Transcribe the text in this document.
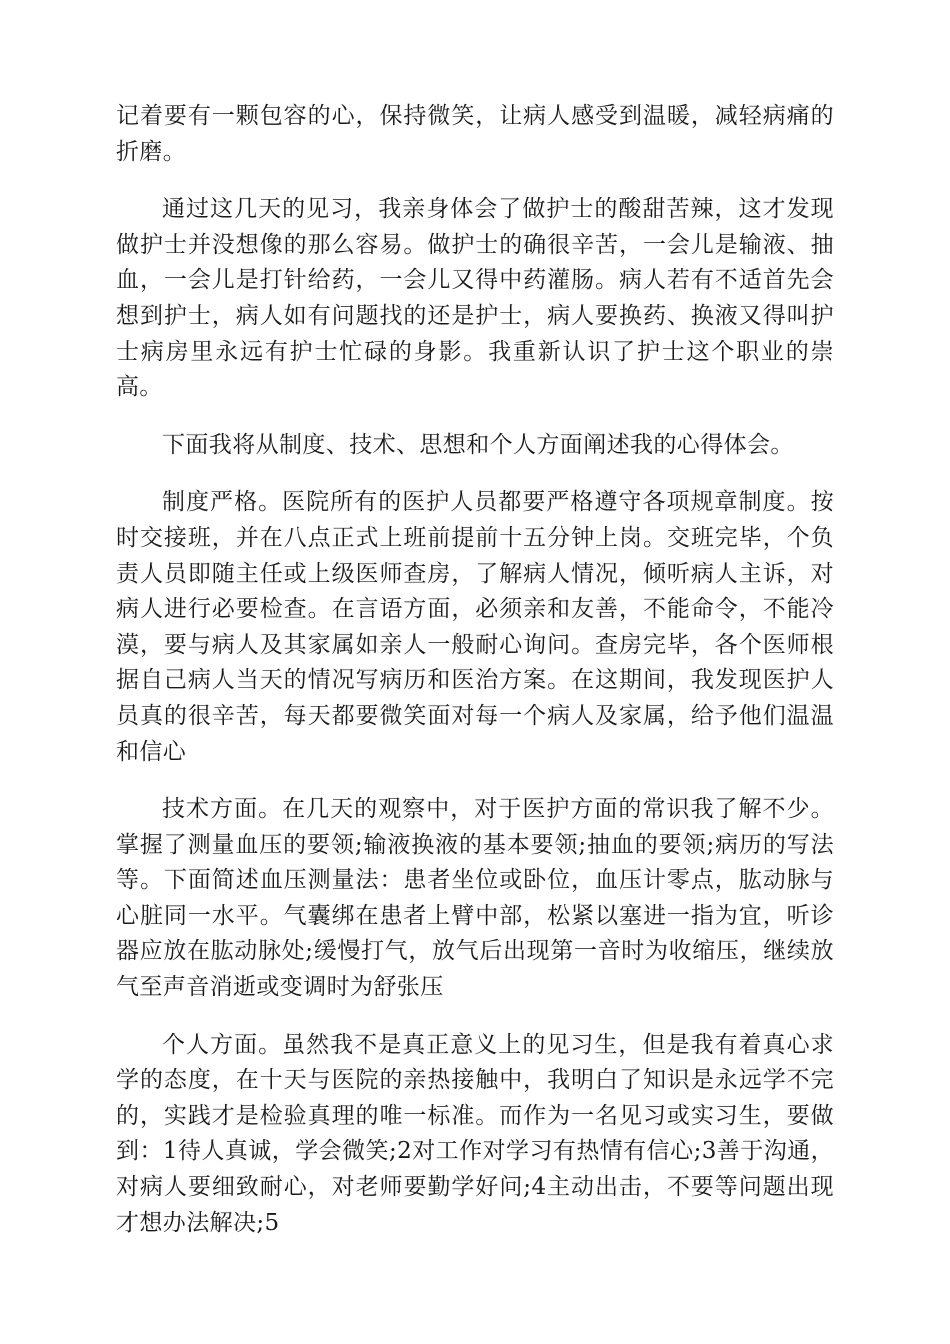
记着要有一颗包容的心，保持微笑，让病人感受到温暖，减轻病痛的折磨。

通过这几天的见习，我亲身体会了做护士的酸甜苦辣，这才发现做护士并没想像的那么容易。做护士的确很辛苦，一会儿是输液、抽血，一会儿是打针给药，一会儿又得中药灌肠。病人若有不适首先会想到护士，病人如有问题找的还是护士，病人要换药、换液又得叫护士病房里永远有护士忙碌的身影。我重新认识了护士这个职业的崇高。

下面我将从制度、技术、思想和个人方面阐述我的心得体会。

制度严格。医院所有的医护人员都要严格遵守各项规章制度。按时交接班，并在八点正式上班前提前十五分钟上岗。交班完毕，个负责人员即随主任或上级医师查房，了解病人情况，倾听病人主诉，对病人进行必要检查。在言语方面，必须亲和友善，不能命令，不能冷漠，要与病人及其家属如亲人一般耐心询问。查房完毕，各个医师根据自己病人当天的情况写病历和医治方案。在这期间，我发现医护人员真的很辛苦，每天都要微笑面对每一个病人及家属，给予他们温温和信心

技术方面。在几天的观察中，对于医护方面的常识我了解不少。掌握了测量血压的要领;输液换液的基本要领;抽血的要领;病历的写法等。下面简述血压测量法：患者坐位或卧位，血压计零点，肱动脉与心脏同一水平。气囊绑在患者上臂中部，松紧以塞进一指为宜，听诊器应放在肱动脉处;缓慢打气，放气后出现第一音时为收缩压，继续放气至声音消逝或变调时为舒张压

个人方面。虽然我不是真正意义上的见习生，但是我有着真心求学的态度，在十天与医院的亲热接触中，我明白了知识是永远学不完的，实践才是检验真理的唯一标准。而作为一名见习或实习生，要做到：1待人真诚，学会微笑;2对工作对学习有热情有信心;3善于沟通，对病人要细致耐心，对老师要勤学好问;4主动出击，不要等问题出现才想办法解决;5
